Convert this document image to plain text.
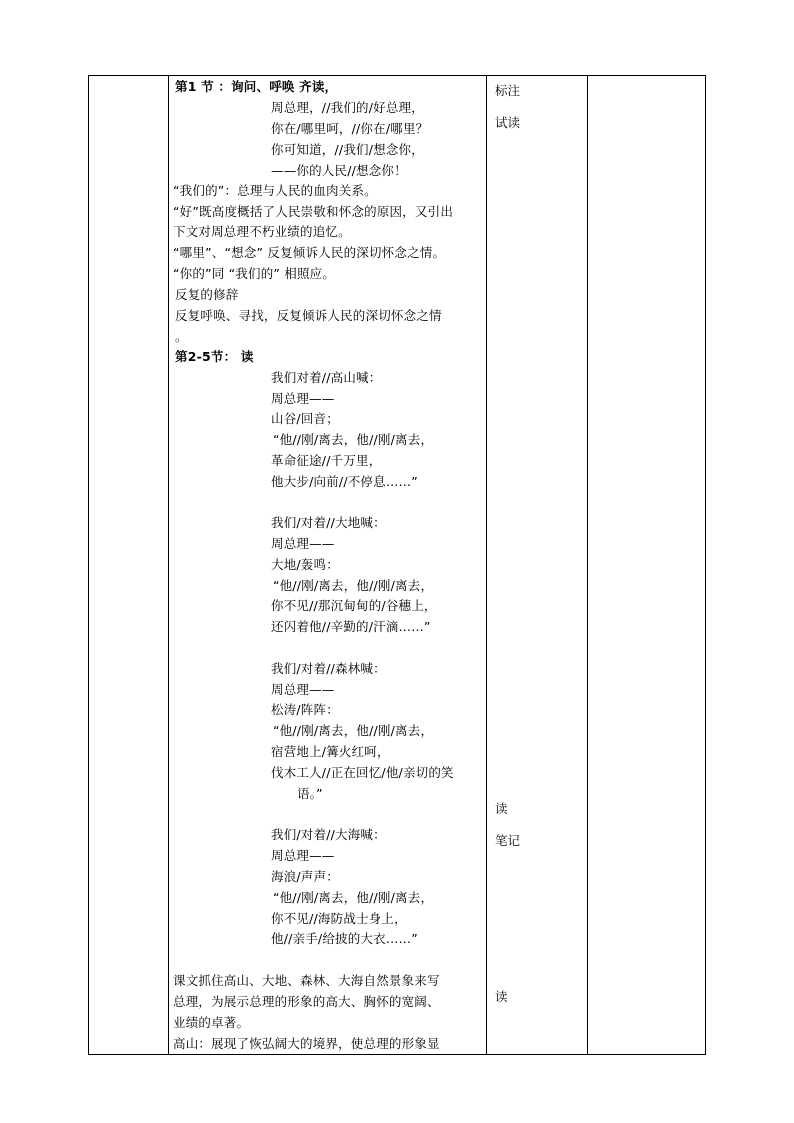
第1 节 ：询问、呼唤 齐读，
周总理，//我们的/好总理，
你在/哪里呵，//你在/哪里？
你可知道，//我们/想念你，
——你的人民//想念你！
“我们的”：总理与人民的血肉关系。
“好”既高度概括了人民崇敬和怀念的原因，又引出
下文对周总理不朽业绩的追忆。
“哪里”、“想念” 反复倾诉人民的深切怀念之情。
“你的”同 “我们的” 相照应。
反复的修辞
反复呼唤、寻找，反复倾诉人民的深切怀念之情
。
第2-5节： 读
我们对着//高山喊：
周总理——
山谷/回音；
“他//刚/离去，他//刚/离去，
革命征途//千万里，
他大步/向前//不停息……”
我们/对着//大地喊：
周总理——
大地/轰鸣：
“他//刚/离去，他//刚/离去，
你不见//那沉甸甸的/谷穗上，
还闪着他//辛勤的/汗滴……”
我们/对着//森林喊：
周总理——
松涛/阵阵：
“他//刚/离去，他//刚/离去，
宿营地上/篝火红呵，
伐木工人//正在回忆/他/亲切的笑
语。”
我们/对着//大海喊：
周总理——
海浪/声声：
“他//刚/离去，他//刚/离去，
你不见//海防战士身上，
他//亲手/给披的大衣……”
课文抓住高山、大地、森林、大海自然景象来写
总理，为展示总理的形象的高大、胸怀的宽阔、
业绩的卓著。
高山：展现了恢弘阔大的境界，使总理的形象显
标注
试读
读
笔记
读
